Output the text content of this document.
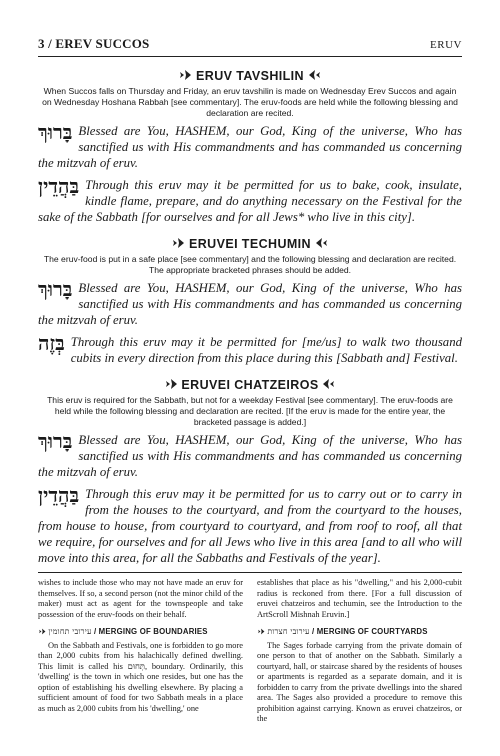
3 / EREV SUCCOS	ERUV
ERUV TAVSHILIN
When Succos falls on Thursday and Friday, an eruv tavshilin is made on Wednesday Erev Succos and again on Wednesday Hoshana Rabbah [see commentary]. The eruv-foods are held while the following blessing and declaration are recited.
בָּרוּךְ Blessed are You, HASHEM, our God, King of the universe, Who has sanctified us with His commandments and has commanded us concerning the mitzvah of eruv.
בַּהֲדֵין Through this eruv may it be permitted for us to bake, cook, insulate, kindle flame, prepare, and do anything necessary on the Festival for the sake of the Sabbath [for ourselves and for all Jews* who live in this city].
ERUVEI TECHUMIN
The eruv-food is put in a safe place [see commentary] and the following blessing and declaration are recited. The appropriate bracketed phrases should be added.
בָּרוּךְ Blessed are You, HASHEM, our God, King of the universe, Who has sanctified us with His commandments and has commanded us concerning the mitzvah of eruv.
בְּזֶה Through this eruv may it be permitted for [me/us] to walk two thousand cubits in every direction from this place during this [Sabbath and] Festival.
ERUVEI CHATZEIROS
This eruv is required for the Sabbath, but not for a weekday Festival [see commentary]. The eruv-foods are held while the following blessing and declaration are recited. [If the eruv is made for the entire year, the bracketed passage is added.]
בָּרוּךְ Blessed are You, HASHEM, our God, King of the universe, Who has sanctified us with His commandments and has commanded us concerning the mitzvah of eruv.
בַּהֲדֵין Through this eruv may it be permitted for us to carry out or to carry in from the houses to the courtyard, and from the courtyard to the houses, from house to house, from courtyard to courtyard, and from roof to roof, all that we require, for ourselves and for all Jews who live in this area [and to all who will move into this area, for all the Sabbaths and Festivals of the year].

wishes to include those who may not have made an eruv for themselves. If so, a second person (not the minor child of the maker) must act as agent for the townspeople and take possession of the eruv-foods on their behalf.

עירובי תחומין / MERGING OF BOUNDARIES

On the Sabbath and Festivals, one is forbidden to go more than 2,000 cubits from his halachically defined dwelling. This limit is called his תְּחוּם, boundary. Ordinarily, this 'dwelling' is the town in which one resides, but one has the option of establishing his dwelling elsewhere. By placing a sufficient amount of food for two Sabbath meals in a place as much as 2,000 cubits from his 'dwelling,' one

establishes that place as his "dwelling," and his 2,000-cubit radius is reckoned from there. [For a full discussion of eruvei chatzeiros and techumin, see the Introduction to the ArtScroll Mishnah Eruvin.]

עירובי חצרות / MERGING OF COURTYARDS

The Sages forbade carrying from the private domain of one person to that of another on the Sabbath. Similarly a courtyard, hall, or staircase shared by the residents of houses or apartments is regarded as a separate domain, and it is forbidden to carry from the private dwellings into the shared area. The Sages also provided a procedure to remove this prohibition against carrying. Known as eruvei chatzeiros, or the
